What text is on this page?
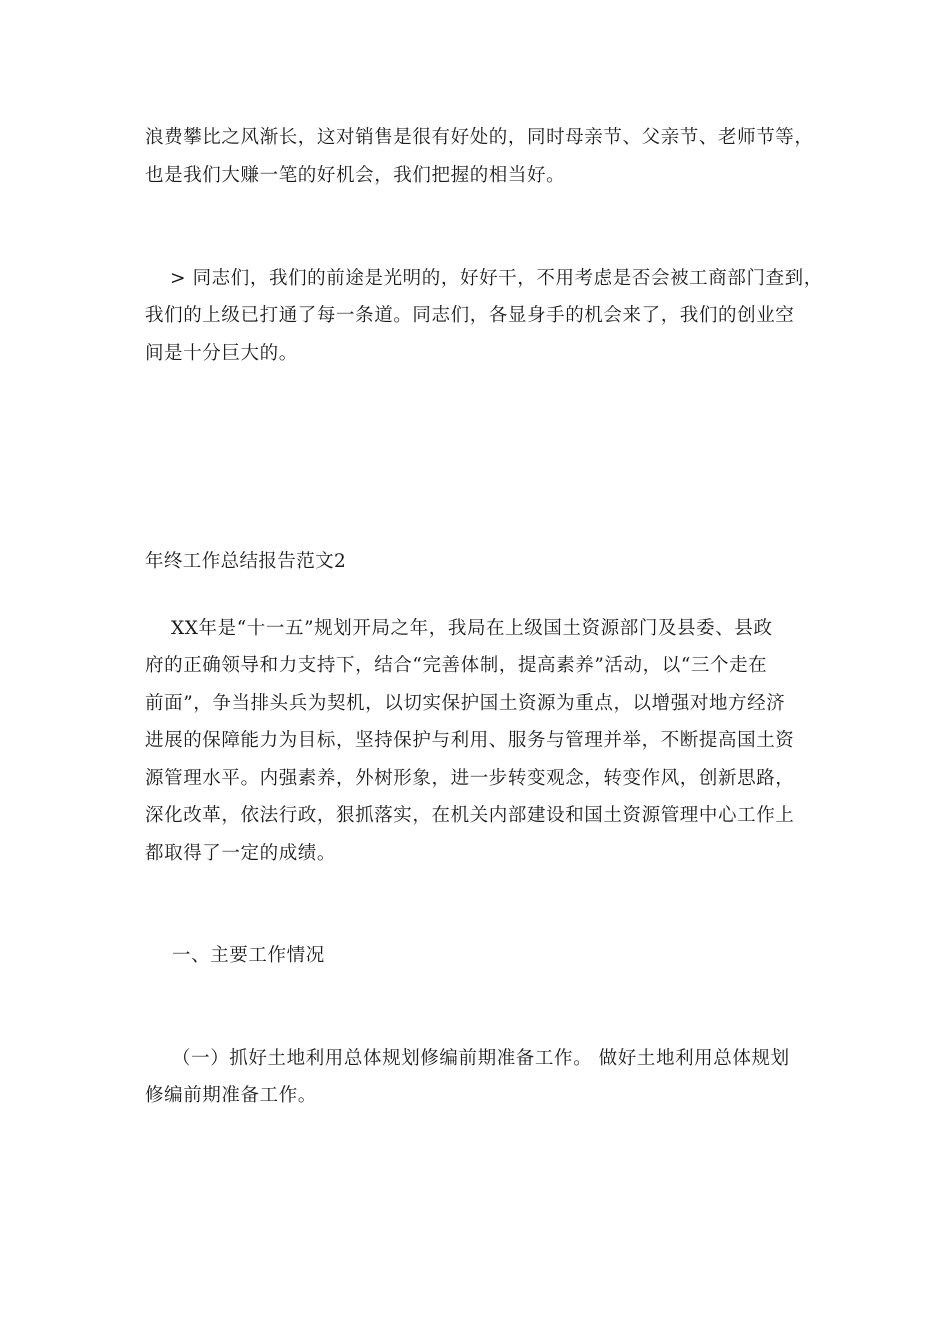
浪费攀比之风渐长，这对销售是很有好处的，同时母亲节、父亲节、老师节等，
也是我们大赚一笔的好机会，我们把握的相当好。
> 同志们，我们的前途是光明的，好好干，不用考虑是否会被工商部门查到，
我们的上级已打通了每一条道。同志们，各显身手的机会来了，我们的创业空
间是十分巨大的。
年终工作总结报告范文2
XX年是“十一五”规划开局之年，我局在上级国土资源部门及县委、县政
府的正确领导和力支持下，结合“完善体制，提高素养”活动，以“三个走在
前面”，争当排头兵为契机，以切实保护国土资源为重点，以增强对地方经济
进展的保障能力为目标，坚持保护与利用、服务与管理并举，不断提高国土资
源管理水平。内强素养，外树形象，进一步转变观念，转变作风，创新思路，
深化改革，依法行政，狠抓落实，在机关内部建设和国土资源管理中心工作上
都取得了一定的成绩。
一、主要工作情况
（一）抓好土地利用总体规划修编前期准备工作。 做好土地利用总体规划
修编前期准备工作。
